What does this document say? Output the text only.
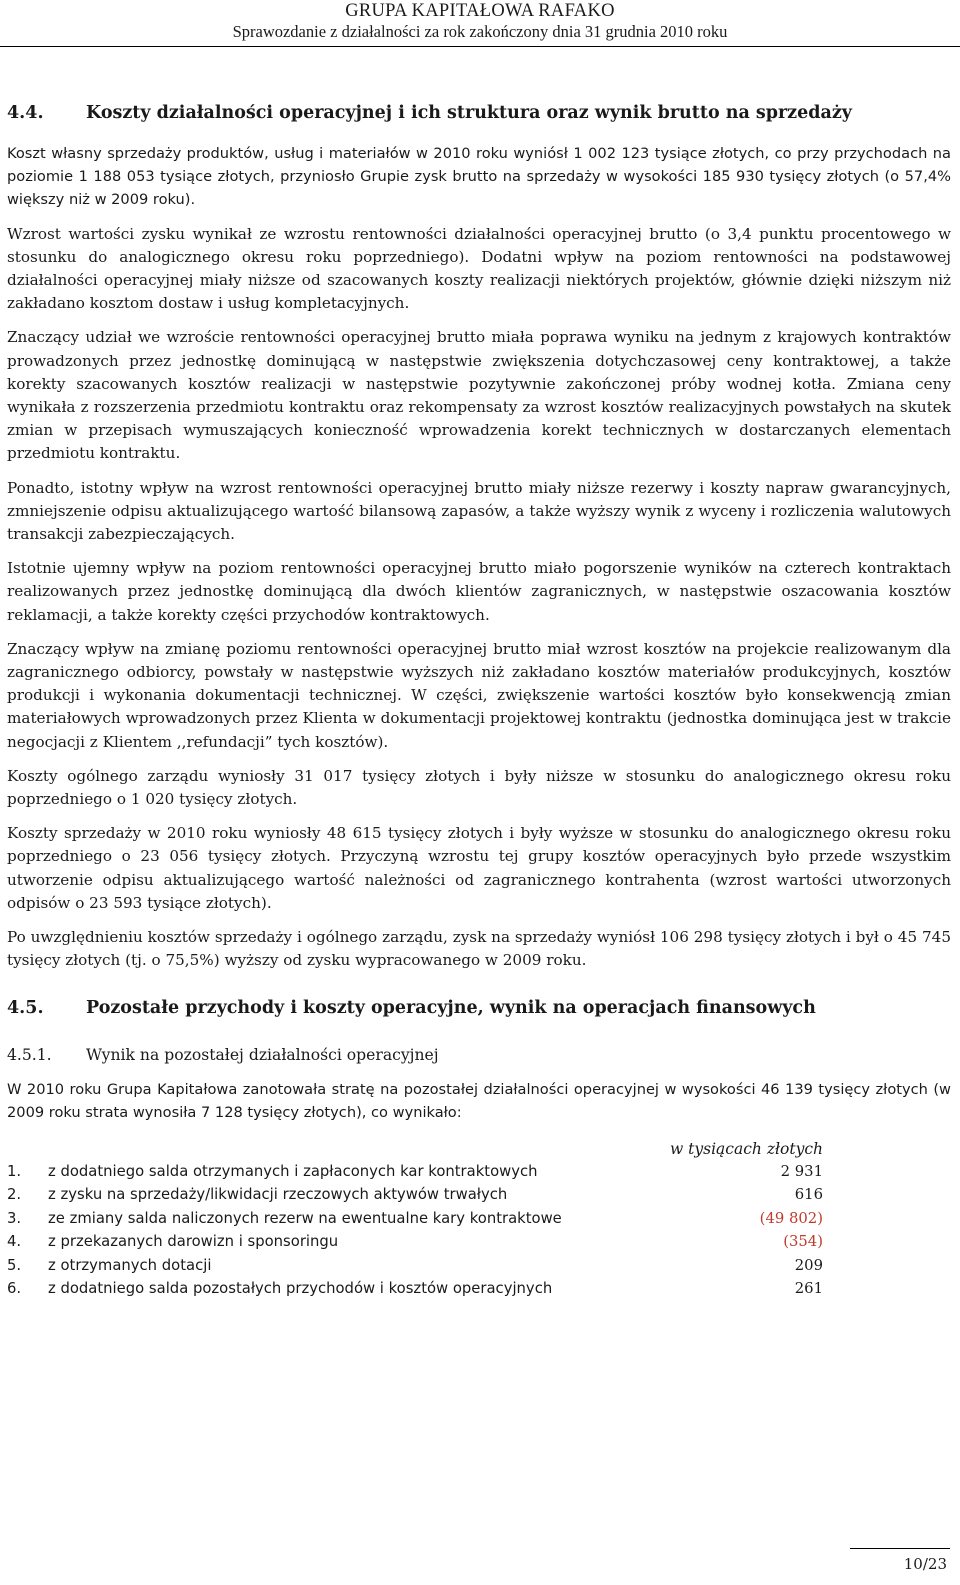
GRUPA KAPITAŁOWA RAFAKO
Sprawozdanie z działalności za rok zakończony dnia 31 grudnia 2010 roku
4.4.	Koszty działalności operacyjnej i ich struktura oraz wynik brutto na sprzedaży

Koszt własny sprzedaży produktów, usług i materiałów w 2010 roku wyniósł 1 002 123 tysiące złotych, co przy przychodach na poziomie 1 188 053 tysiące złotych, przyniosło Grupie zysk brutto na sprzedaży w wysokości 185 930 tysięcy złotych (o 57,4% większy niż w 2009 roku).

Wzrost wartości zysku wynikał ze wzrostu rentowności działalności operacyjnej brutto (o 3,4 punktu procentowego w stosunku do analogicznego okresu roku poprzedniego). Dodatni wpływ na poziom rentowności na podstawowej działalności operacyjnej miały niższe od szacowanych koszty realizacji niektórych projektów, głównie dzięki niższym niż zakładano kosztom dostaw i usług kompletacyjnych.

Znaczący udział we wzroście rentowności operacyjnej brutto miała poprawa wyniku na jednym z krajowych kontraktów prowadzonych przez jednostkę dominującą w następstwie zwiększenia dotychczasowej ceny kontraktowej, a także korekty szacowanych kosztów realizacji w następstwie pozytywnie zakończonej próby wodnej kotła. Zmiana ceny wynikała z rozszerzenia przedmiotu kontraktu oraz rekompensaty za wzrost kosztów realizacyjnych powstałych na skutek zmian w przepisach wymuszających konieczność wprowadzenia korekt technicznych w dostarczanych elementach przedmiotu kontraktu.

Ponadto, istotny wpływ na wzrost rentowności operacyjnej brutto miały niższe rezerwy i koszty napraw gwarancyjnych, zmniejszenie odpisu aktualizującego wartość bilansową zapasów, a także wyższy wynik z wyceny i rozliczenia walutowych transakcji zabezpieczających.

Istotnie ujemny wpływ na poziom rentowności operacyjnej brutto miało pogorszenie wyników na czterech kontraktach realizowanych przez jednostkę dominującą dla dwóch klientów zagranicznych, w następstwie oszacowania kosztów reklamacji, a także korekty części przychodów kontraktowych.

Znaczący wpływ na zmianę poziomu rentowności operacyjnej brutto miał wzrost kosztów na projekcie realizowanym dla zagranicznego odbiorcy, powstały w następstwie wyższych niż zakładano kosztów materiałów produkcyjnych, kosztów produkcji i wykonania dokumentacji technicznej. W części, zwiększenie wartości kosztów było konsekwencją zmian materiałowych wprowadzonych przez Klienta w dokumentacji projektowej kontraktu (jednostka dominująca jest w trakcie negocjacji z Klientem ,,refundacji” tych kosztów).

Koszty ogólnego zarządu wyniosły 31 017 tysięcy złotych i były niższe w stosunku do analogicznego okresu roku poprzedniego o 1 020 tysięcy złotych.

Koszty sprzedaży w 2010 roku wyniosły 48 615 tysięcy złotych i były wyższe w stosunku do analogicznego okresu roku poprzedniego o 23 056 tysięcy złotych. Przyczyną wzrostu tej grupy kosztów operacyjnych było przede wszystkim utworzenie odpisu aktualizującego wartość należności od zagranicznego kontrahenta (wzrost wartości utworzonych odpisów o 23 593 tysiące złotych).

Po uwzględnieniu kosztów sprzedaży i ogólnego zarządu, zysk na sprzedaży wyniósł 106 298 tysięcy złotych i był o 45 745 tysięcy złotych (tj. o 75,5%) wyższy od zysku wypracowanego w 2009 roku.

4.5.	Pozostałe przychody i koszty operacyjne, wynik na operacjach finansowych
4.5.1.	Wynik na pozostałej działalności operacyjnej

W 2010 roku Grupa Kapitałowa zanotowała stratę na pozostałej działalności operacyjnej w wysokości 46 139 tysięcy złotych (w 2009 roku strata wynosiła 7 128 tysięcy złotych), co wynikało:

w tysiącach złotych
1.	z dodatniego salda otrzymanych i zapłaconych kar kontraktowych	2 931
2.	z zysku na sprzedaży/likwidacji rzeczowych aktywów trwałych	616
3.	ze zmiany salda naliczonych rezerw na ewentualne kary kontraktowe	(49 802)
4.	z przekazanych darowizn i sponsoringu	(354)
5.	z otrzymanych dotacji	209
6.	z dodatniego salda pozostałych przychodów i kosztów operacyjnych	261
10/23
